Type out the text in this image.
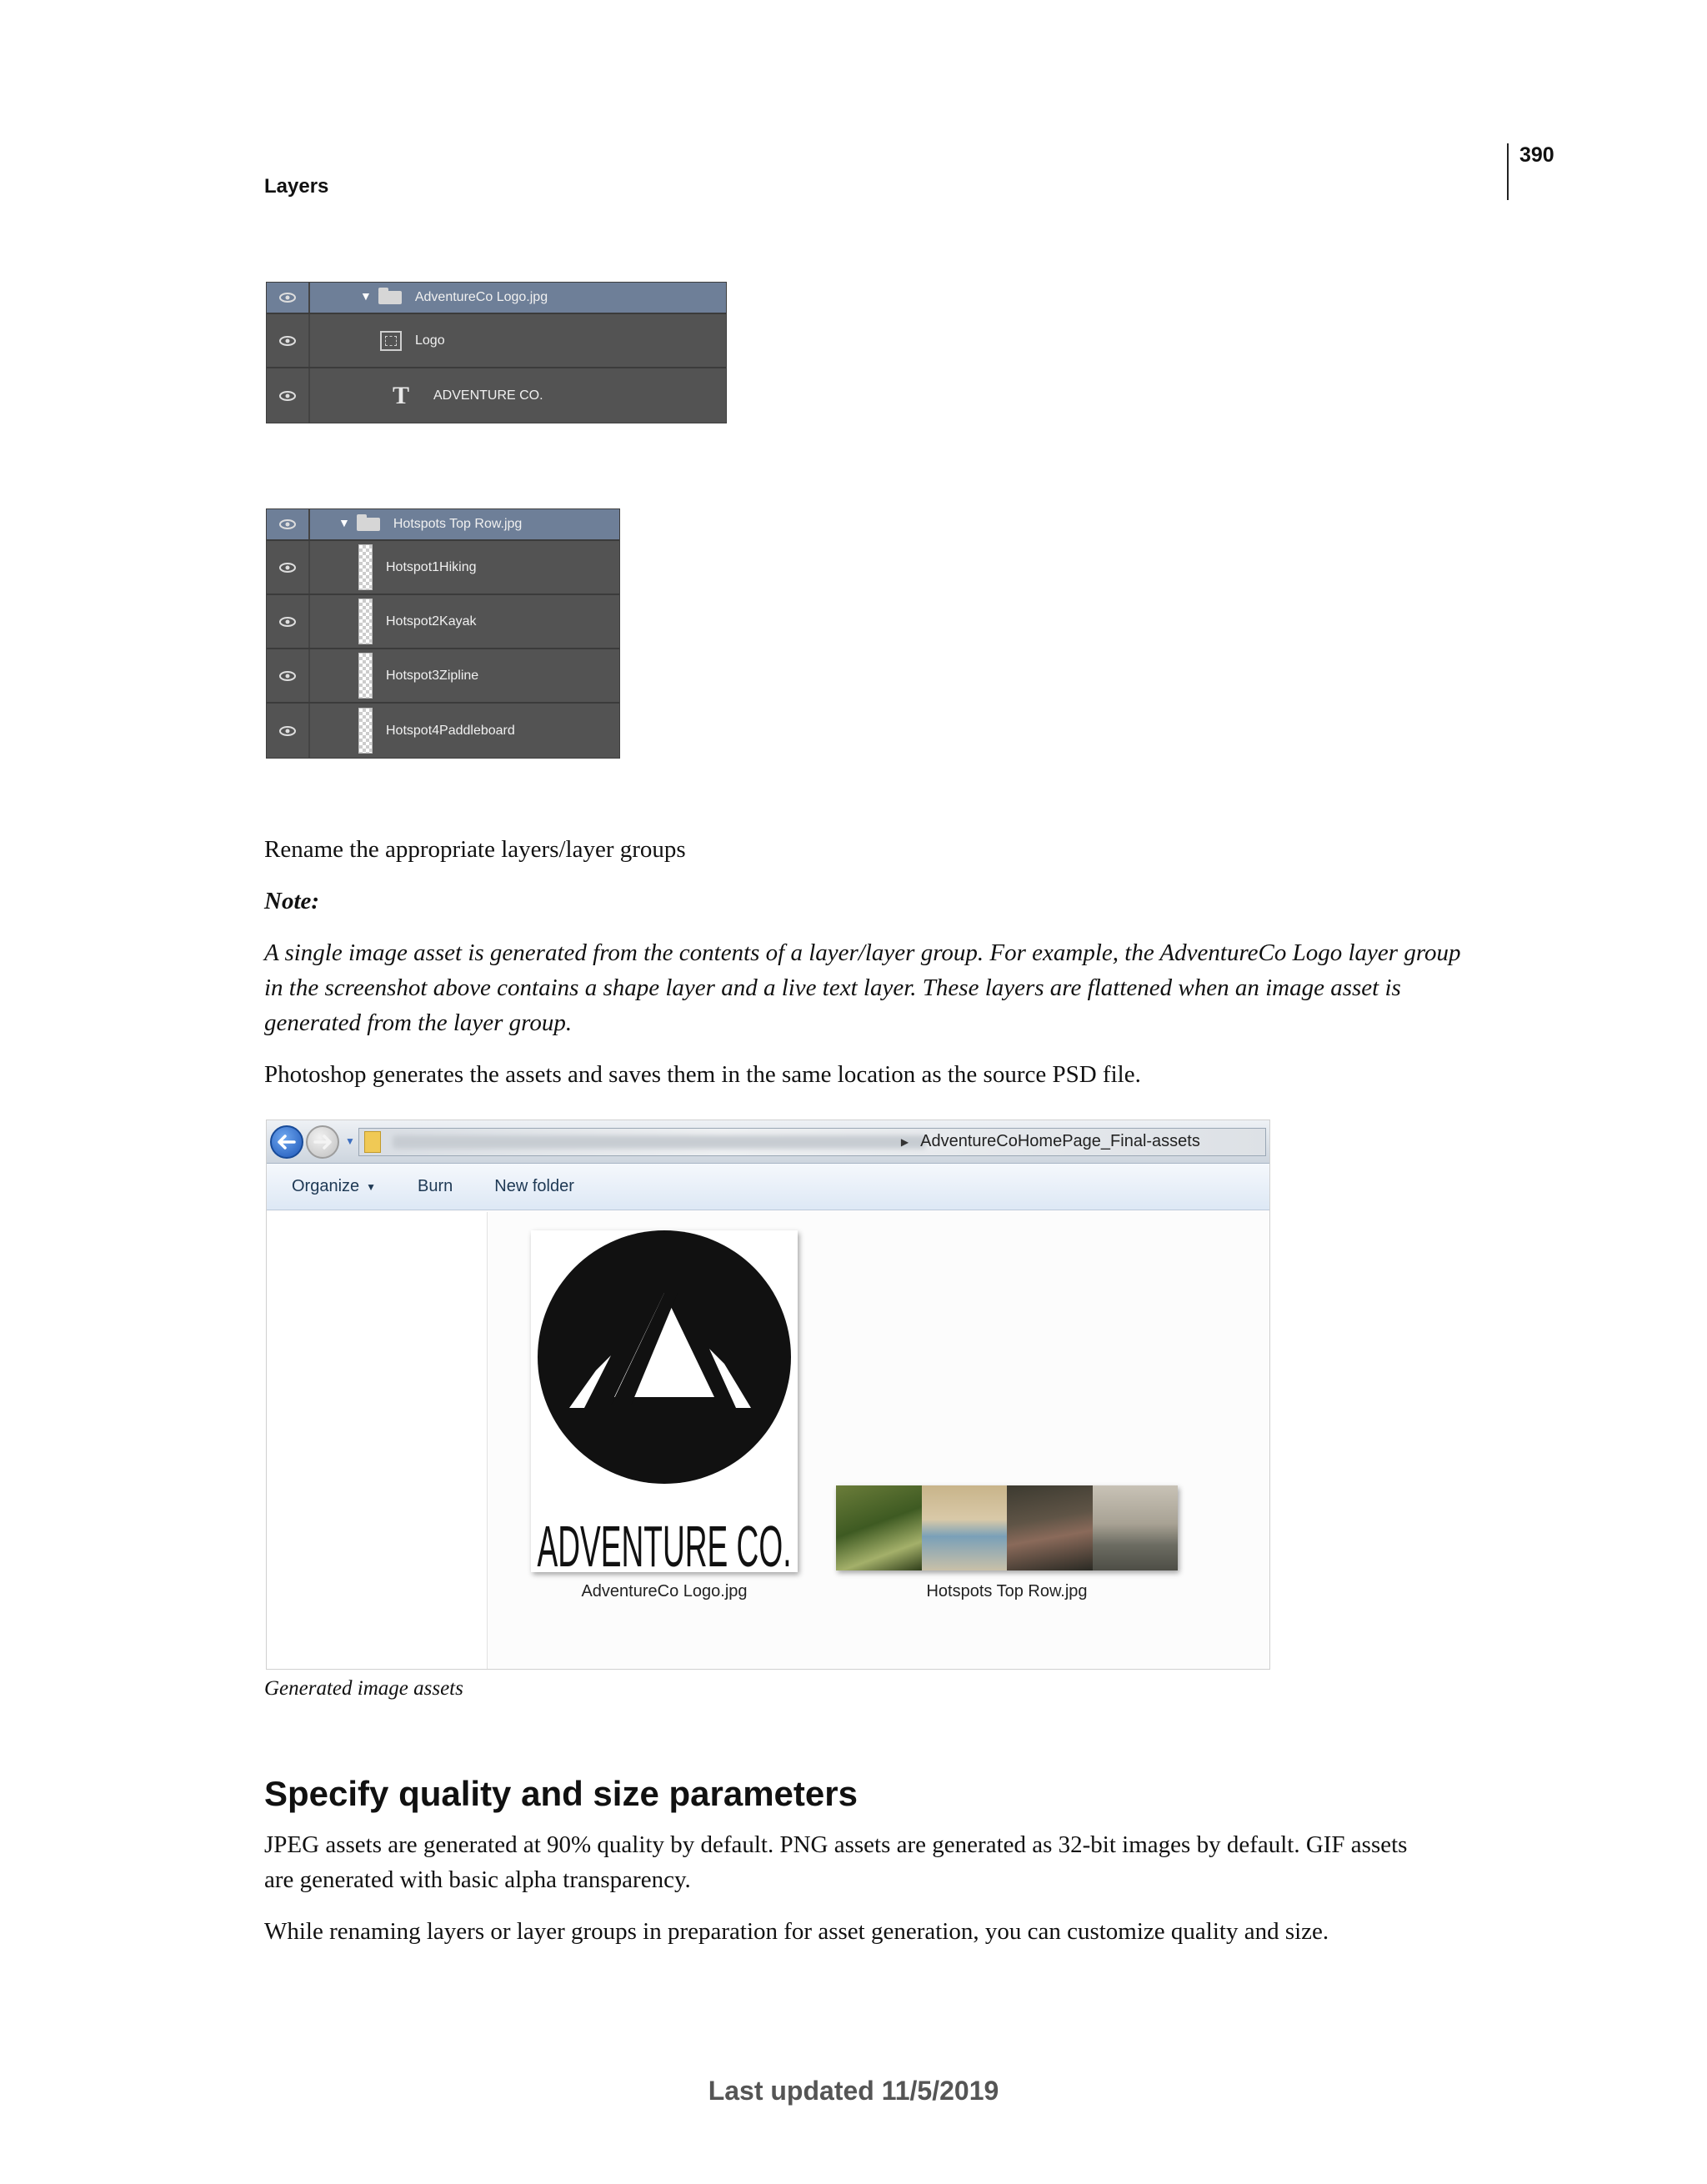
390
Layers
▼	AdventureCo Logo.jpg
Logo
T ADVENTURE CO.
▼	Hotspots Top Row.jpg
Hotspot1Hiking
Hotspot2Kayak
Hotspot3Zipline
Hotspot4Paddleboard
Rename the appropriate layers/layer groups
Note:
A single image asset is generated from the contents of a layer/layer group. For example, the AdventureCo Logo layer group
in the screenshot above contains a shape layer and a live text layer. These layers are flattened when an image asset is
generated from the layer group.
Photoshop generates the assets and saves them in the same location as the source PSD file.
▼	▶ AdventureCoHomePage_Final-assets
Organize ▼	Burn	New folder
ADVENTURE CO.
AdventureCo Logo.jpg	Hotspots Top Row.jpg
Generated image assets
Specify quality and size parameters
JPEG assets are generated at 90% quality by default. PNG assets are generated as 32-bit images by default. GIF assets
are generated with basic alpha transparency.
While renaming layers or layer groups in preparation for asset generation, you can customize quality and size.
Last updated 11/5/2019
